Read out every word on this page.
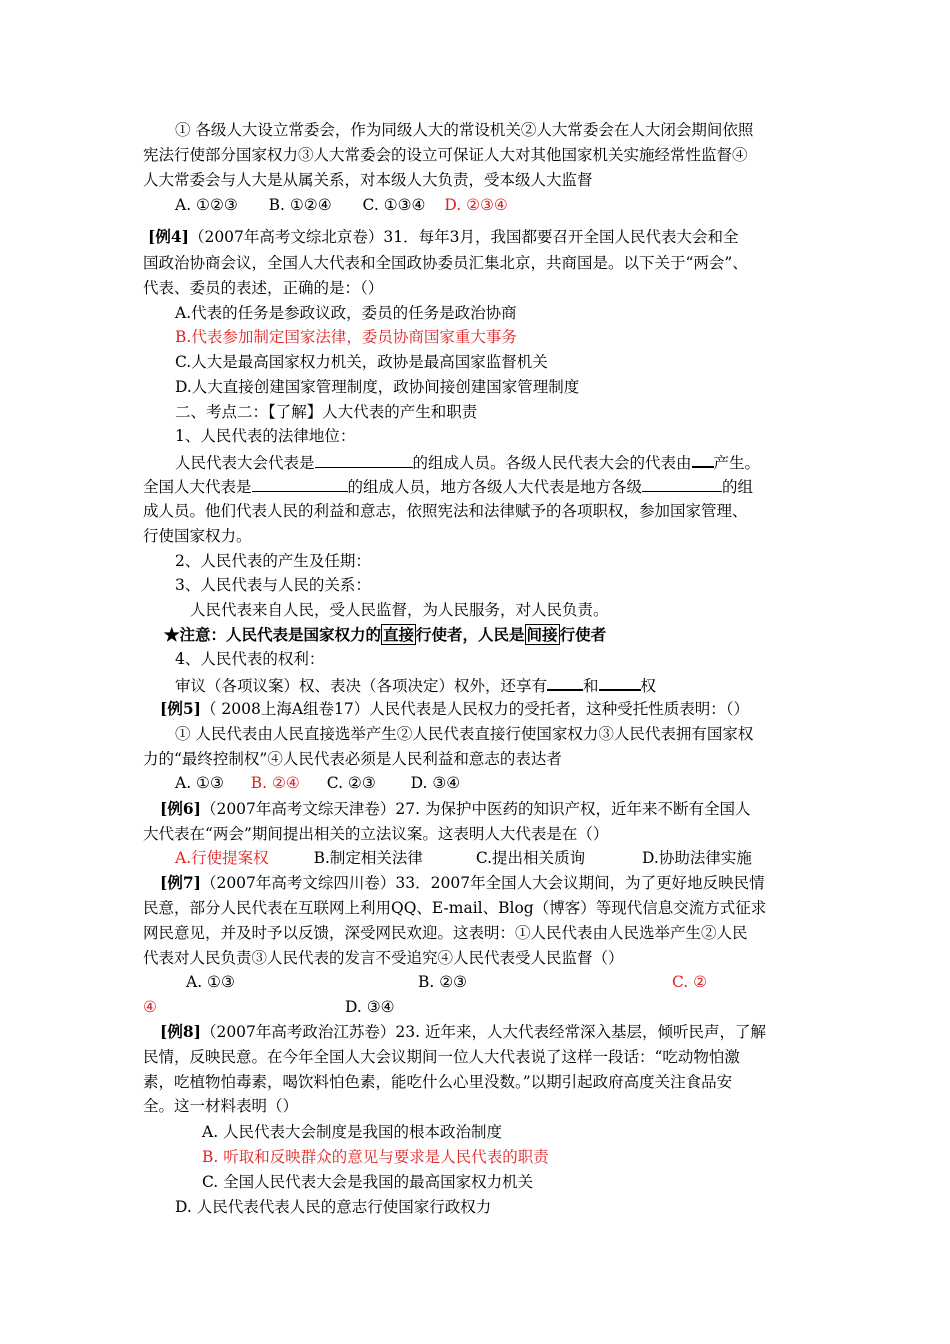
① 各级人大设立常委会，作为同级人大的常设机关②人大常委会在人大闭会期间依照
宪法行使部分国家权力③人大常委会的设立可保证人大对其他国家机关实施经常性监督④
人大常委会与人大是从属关系，对本级人大负责，受本级人大监督
A. ①②③ B. ①②④ C. ①③④ D. ②③④
[例4]（2007年高考文综北京卷）31．每年3月，我国都要召开全国人民代表大会和全
国政治协商会议，全国人大代表和全国政协委员汇集北京，共商国是。以下关于“两会”、
代表、委员的表述，正确的是：（）
A.代表的任务是参政议政，委员的任务是政治协商
B.代表参加制定国家法律，委员协商国家重大事务
C.人大是最高国家权力机关，政协是最高国家监督机关
D.人大直接创建国家管理制度，政协间接创建国家管理制度
二、考点二：【了解】人大代表的产生和职责
1、人民代表的法律地位：
人民代表大会代表是	的组成人员。各级人民代表大会的代表由 产生。
全国人大代表是	的组成人员，地方各级人大代表是地方各级	的组
成人员。他们代表人民的利益和意志，依照宪法和法律赋予的各项职权，参加国家管理、
行使国家权力。
2、人民代表的产生及任期：
3、人民代表与人民的关系：
人民代表来自人民，受人民监督，为人民服务，对人民负责。
★注意：人民代表是国家权力的 直接 行使者，人民是 间接 行使者
4、人民代表的权利：
审议（各项议案）权、表决（各项决定）权外，还享有 和	权
[例5]（ 2008上海A组卷17）人民代表是人民权力的受托者，这种受托性质表明：（）
① 人民代表由人民直接选举产生②人民代表直接行使国家权力③人民代表拥有国家权
力的“最终控制权”④人民代表必须是人民利益和意志的表达者
A. ①③ B. ②④ C. ②③ D. ③④
[例6]（2007年高考文综天津卷）27. 为保护中医药的知识产权，近年来不断有全国人
大代表在“两会”期间提出相关的立法议案。这表明人大代表是在（）
A.行使提案权	B.制定相关法律	C.提出相关质询	D.协助法律实施
[例7]（2007年高考文综四川卷）33．2007年全国人大会议期间，为了更好地反映民情
民意，部分人民代表在互联网上利用QQ、E-mail、Blog（博客）等现代信息交流方式征求
网民意见，并及时予以反馈，深受网民欢迎。这表明：①人民代表由人民选举产生②人民
代表对人民负责③人民代表的发言不受追究④人民代表受人民监督（）
A. ①③	B. ②③	C. ②
④	D. ③④
[例8]（2007年高考政治江苏卷）23. 近年来，人大代表经常深入基层，倾听民声，了解
民情，反映民意。在今年全国人大会议期间一位人大代表说了这样一段话：“吃动物怕激
素，吃植物怕毒素，喝饮料怕色素，能吃什么心里没数。”以期引起政府高度关注食品安
全。这一材料表明（）
A. 人民代表大会制度是我国的根本政治制度
B. 听取和反映群众的意见与要求是人民代表的职责
C. 全国人民代表大会是我国的最高国家权力机关
D. 人民代表代表人民的意志行使国家行政权力
